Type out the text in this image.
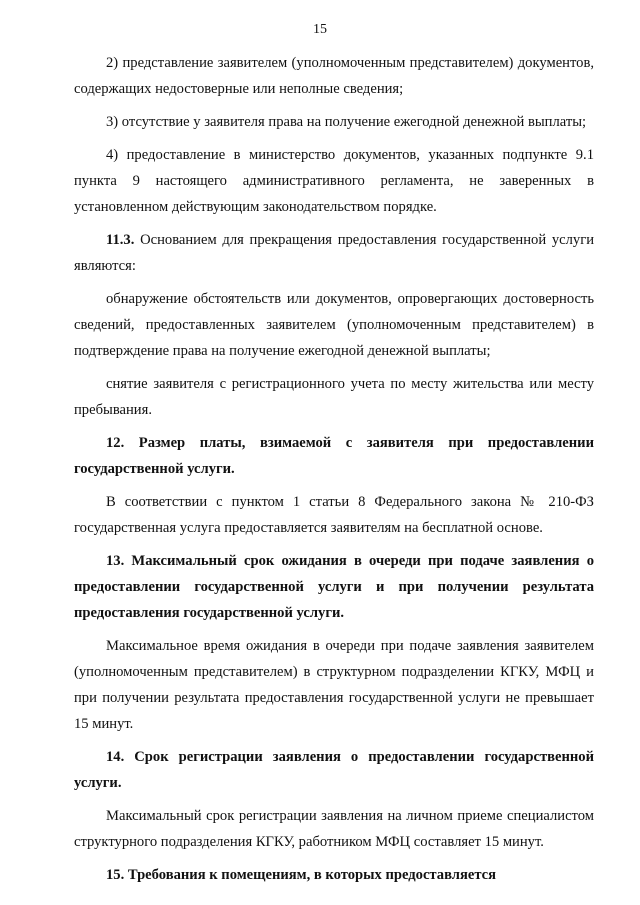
15

2) представление заявителем (уполномоченным представителем) документов, содержащих недостоверные или неполные сведения;

3) отсутствие у заявителя права на получение ежегодной денежной выплаты;

4) предоставление в министерство документов, указанных подпункте 9.1 пункта 9 настоящего административного регламента, не заверенных в установленном действующим законодательством порядке.

11.3. Основанием для прекращения предоставления государственной услуги являются:

обнаружение обстоятельств или документов, опровергающих достоверность сведений, предоставленных заявителем (уполномоченным представителем) в подтверждение права на получение ежегодной денежной выплаты;

снятие заявителя с регистрационного учета по месту жительства или месту пребывания.

12. Размер платы, взимаемой с заявителя при предоставлении государственной услуги.

В соответствии с пунктом 1 статьи 8 Федерального закона № 210-ФЗ государственная услуга предоставляется заявителям на бесплатной основе.

13. Максимальный срок ожидания в очереди при подаче заявления о предоставлении государственной услуги и при получении результата предоставления государственной услуги.

Максимальное время ожидания в очереди при подаче заявления заявителем (уполномоченным представителем) в структурном подразделении КГКУ, МФЦ и при получении результата предоставления государственной услуги не превышает 15 минут.

14. Срок регистрации заявления о предоставлении государственной услуги.

Максимальный срок регистрации заявления на личном приеме специалистом структурного подразделения КГКУ, работником МФЦ составляет 15 минут.

15. Требования к помещениям, в которых предоставляется
